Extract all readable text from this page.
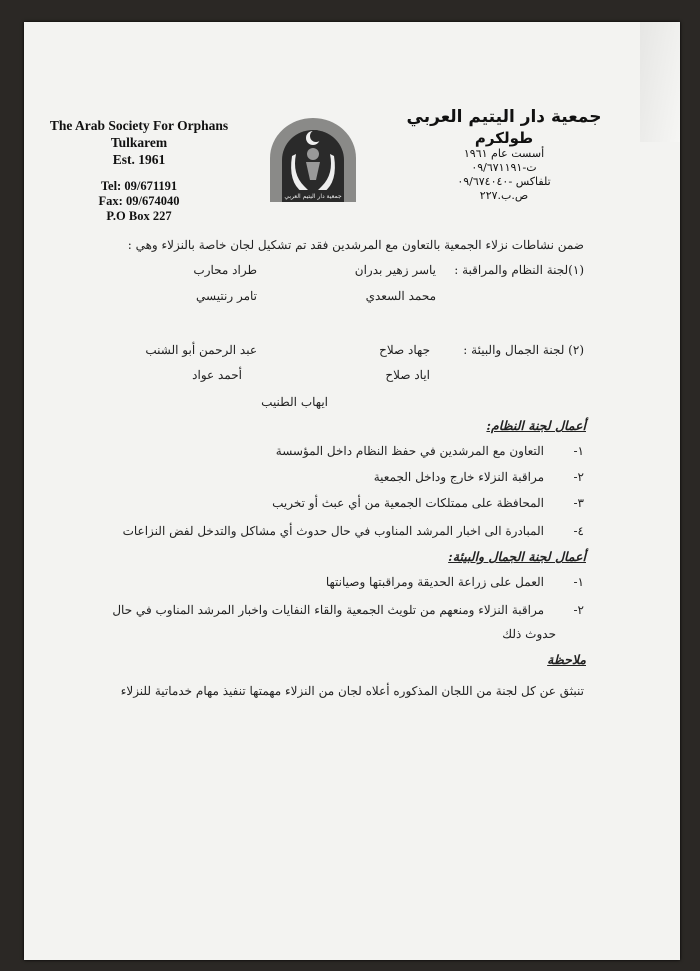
The Arab Society For Orphans
Tulkarem
Est. 1961
Tel: 09/671191
Fax: 09/674040
P.O Box 227
جمعية دار اليتيم العربي
جمعية دار اليتيم العربي
طولكرم
أسست عام ١٩٦١
ت-٠٩/٦٧١١٩١
تلفاكس -٠٩/٦٧٤٠٤٠
ص.ب.٢٢٧
ضمن نشاطات نزلاء الجمعية بالتعاون مع المرشدين فقد تم تشكيل لجان خاصة بالنزلاء وهي :
(١)لجنة النظام والمراقبة :
ياسر زهير بدران
طراد محارب
محمد السعدي
تامر رنتيسي
(٢) لجنة الجمال والبيئة :
جهاد صلاح
عبد الرحمن أبو الشنب
اياد صلاح
أحمد عواد
ايهاب الطنيب
أعمال لجنة النظام:
١-
التعاون مع المرشدين في حفظ النظام داخل المؤسسة
٢-
مراقبة النزلاء خارج وداخل الجمعية
٣-
المحافظة على ممتلكات الجمعية من أي عبث أو تخريب
٤-
المبادرة الى اخبار المرشد المناوب في حال حدوث أي مشاكل والتدخل لفض النزاعات
أعمال لجنة الجمال والبيئة:
١-
العمل على زراعة الحديقة ومراقبتها وصيانتها
٢-
مراقبة النزلاء ومنعهم من تلويث الجمعية والقاء النفايات واخبار المرشد المناوب في حال
حدوث ذلك
ملاحظة
تنبثق عن كل لجنة من اللجان المذكوره أعلاه لجان من النزلاء مهمتها تنفيذ مهام خدماتية للنزلاء
